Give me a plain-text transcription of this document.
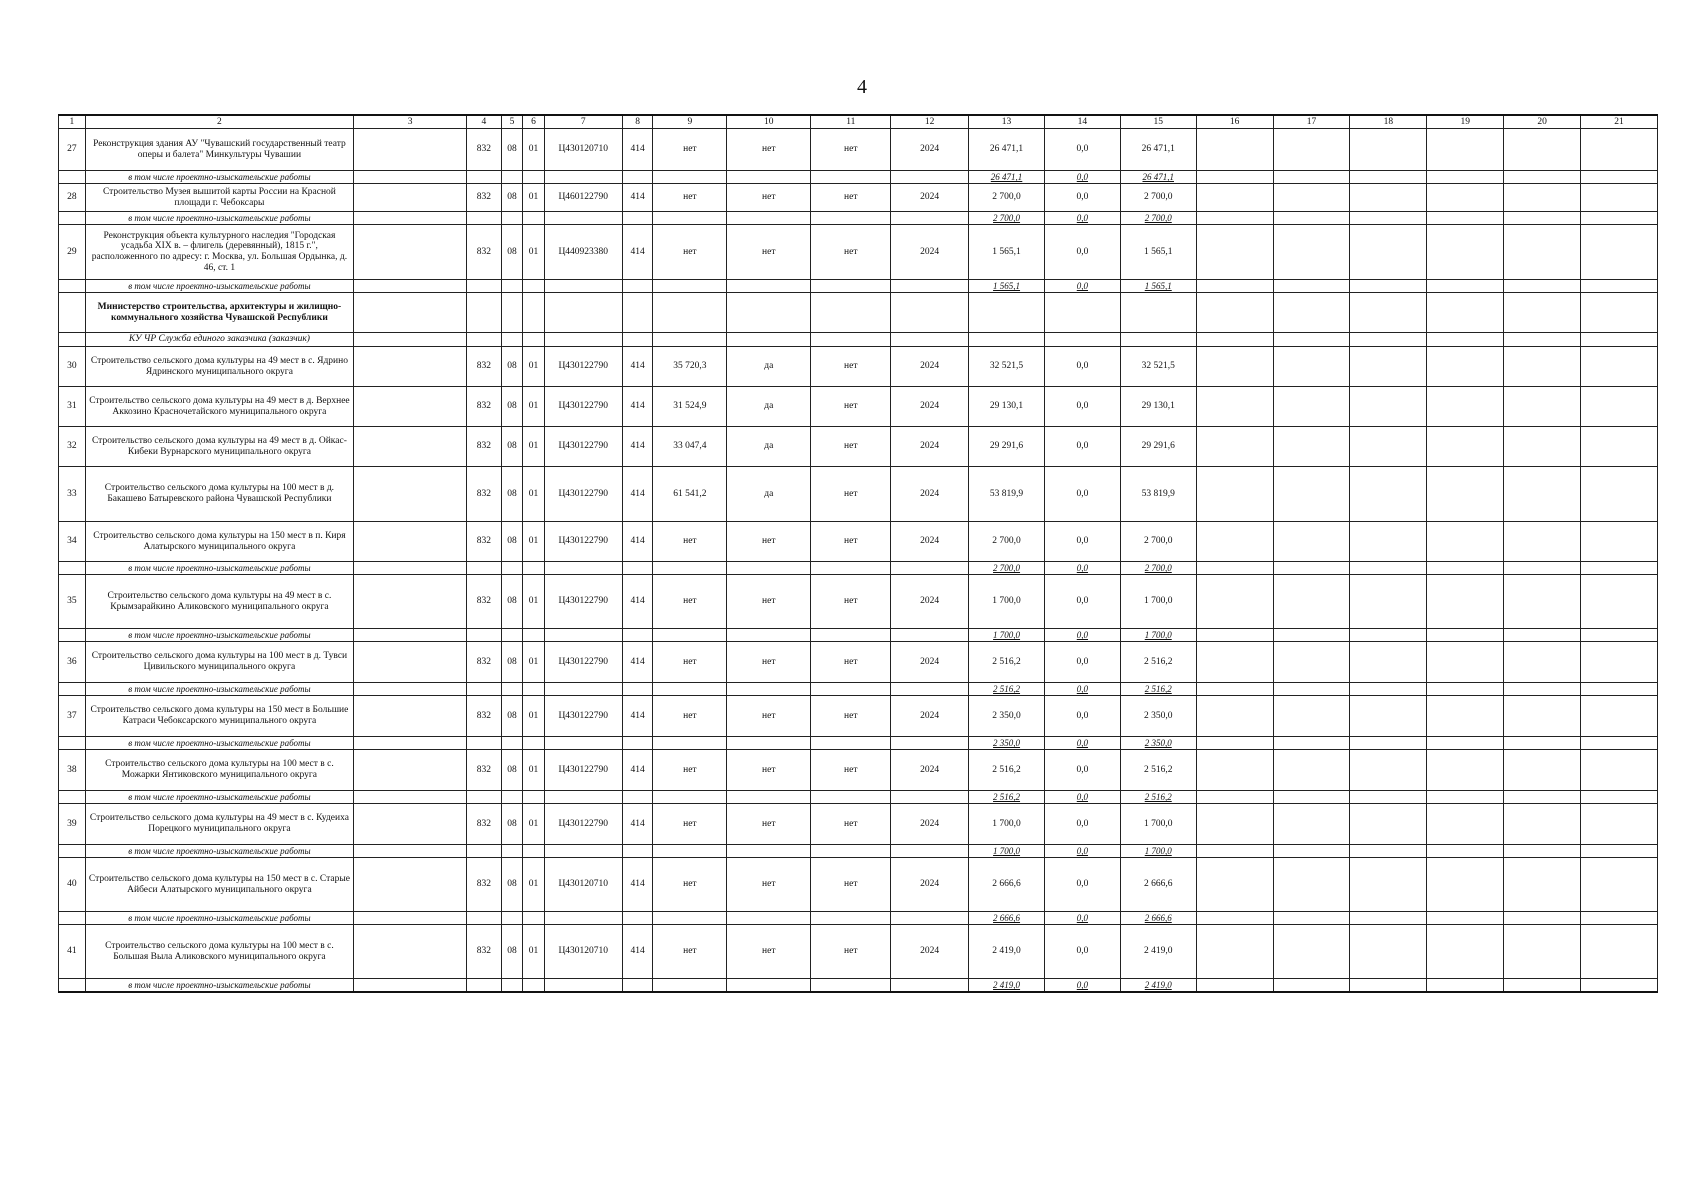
4
1	2	3	4	5	6	7	8	9	10	11	12	13	14	15	16	17	18	19	20	21
27	Реконструкция здания АУ "Чувашский государственный театр оперы и балета" Минкультуры Чувашии		832	08	01	Ц430120710	414	нет	нет	нет	2024	26 471,1	0,0	26 471,1						
	в том числе проектно-изыскательские работы											26 471,1	0,0	26 471,1						
28	Строительство Музея вышитой карты России на Красной площади г. Чебоксары		832	08	01	Ц460122790	414	нет	нет	нет	2024	2 700,0	0,0	2 700,0						
	в том числе проектно-изыскательские работы											2 700,0	0,0	2 700,0						
29	Реконструкция объекта культурного наследия "Городская усадьба XIX в. – флигель (деревянный), 1815 г.", расположенного по адресу: г. Москва, ул. Большая Ордынка, д. 46, ст. 1		832	08	01	Ц440923380	414	нет	нет	нет	2024	1 565,1	0,0	1 565,1						
	в том числе проектно-изыскательские работы											1 565,1	0,0	1 565,1						
	Министерство строительства, архитектуры и жилищно-коммунального хозяйства Чувашской Республики																			
	КУ ЧР Служба единого заказчика (заказчик)																			
30	Строительство сельского дома культуры на 49 мест в с. Ядрино Ядринского муниципального округа		832	08	01	Ц430122790	414	35 720,3	да	нет	2024	32 521,5	0,0	32 521,5						
31	Строительство сельского дома культуры на 49 мест в д. Верхнее Аккозино Красночетайского муниципального округа		832	08	01	Ц430122790	414	31 524,9	да	нет	2024	29 130,1	0,0	29 130,1						
32	Строительство сельского дома культуры на 49 мест в д. Ойкас-Кибеки Вурнарского муниципального округа		832	08	01	Ц430122790	414	33 047,4	да	нет	2024	29 291,6	0,0	29 291,6						
33	Строительство сельского дома культуры на 100 мест в д. Бакашево Батыревского района Чувашской Республики		832	08	01	Ц430122790	414	61 541,2	да	нет	2024	53 819,9	0,0	53 819,9						
34	Строительство сельского дома культуры на 150 мест в п. Киря Алатырского муниципального округа		832	08	01	Ц430122790	414	нет	нет	нет	2024	2 700,0	0,0	2 700,0						
	в том числе проектно-изыскательские работы											2 700,0	0,0	2 700,0						
35	Строительство сельского дома культуры на 49 мест в с. Крымзарайкино Аликовского муниципального округа		832	08	01	Ц430122790	414	нет	нет	нет	2024	1 700,0	0,0	1 700,0						
	в том числе проектно-изыскательские работы											1 700,0	0,0	1 700,0						
36	Строительство сельского дома культуры на 100 мест в д. Тувси Цивильского муниципального округа		832	08	01	Ц430122790	414	нет	нет	нет	2024	2 516,2	0,0	2 516,2						
	в том числе проектно-изыскательские работы											2 516,2	0,0	2 516,2						
37	Строительство сельского дома культуры на 150 мест в Большие Катраси Чебоксарского муниципального округа		832	08	01	Ц430122790	414	нет	нет	нет	2024	2 350,0	0,0	2 350,0						
	в том числе проектно-изыскательские работы											2 350,0	0,0	2 350,0						
38	Строительство сельского дома культуры на 100 мест в с. Можарки Янтиковского муниципального округа		832	08	01	Ц430122790	414	нет	нет	нет	2024	2 516,2	0,0	2 516,2						
	в том числе проектно-изыскательские работы											2 516,2	0,0	2 516,2						
39	Строительство сельского дома культуры на 49 мест в с. Кудеиха Порецкого муниципального округа		832	08	01	Ц430122790	414	нет	нет	нет	2024	1 700,0	0,0	1 700,0						
	в том числе проектно-изыскательские работы											1 700,0	0,0	1 700,0						
40	Строительство сельского дома культуры на 150 мест в с. Старые Айбеси Алатырского муниципального округа		832	08	01	Ц430120710	414	нет	нет	нет	2024	2 666,6	0,0	2 666,6						
	в том числе проектно-изыскательские работы											2 666,6	0,0	2 666,6						
41	Строительство сельского дома культуры на 100 мест в с. Большая Выла Аликовского муниципального округа		832	08	01	Ц430120710	414	нет	нет	нет	2024	2 419,0	0,0	2 419,0						
	в том числе проектно-изыскательские работы											2 419,0	0,0	2 419,0						
